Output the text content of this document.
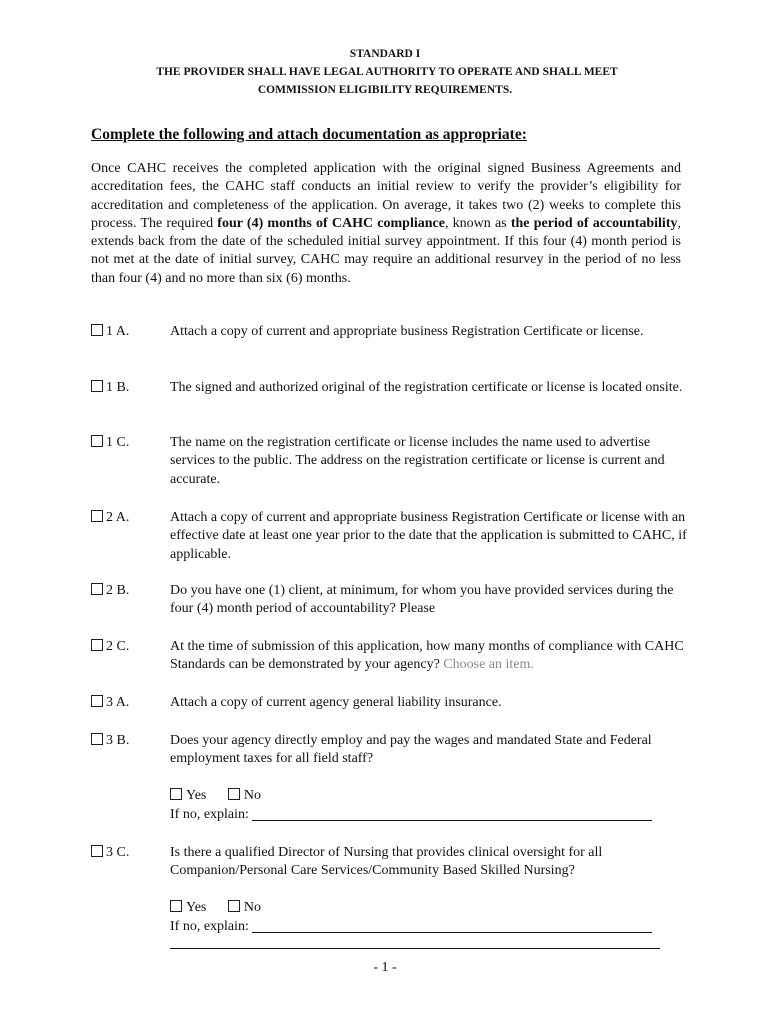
STANDARD I
THE PROVIDER SHALL HAVE LEGAL AUTHORITY TO OPERATE AND SHALL MEET
COMMISSION ELIGIBILITY REQUIREMENTS.
Complete the following and attach documentation as appropriate:
Once CAHC receives the completed application with the original signed Business Agreements and accreditation fees, the CAHC staff conducts an initial review to verify the provider’s eligibility for accreditation and completeness of the application. On average, it takes two (2) weeks to complete this process. The required four (4) months of CAHC compliance, known as the period of accountability, extends back from the date of the scheduled initial survey appointment. If this four (4) month period is not met at the date of initial survey, CAHC may require an additional resurvey in the period of no less than four (4) and no more than six (6) months.
1 A.	Attach a copy of current and appropriate business Registration Certificate or license.
1 B.	The signed and authorized original of the registration certificate or license is located onsite.
1 C.	The name on the registration certificate or license includes the name used to advertise services to the public. The address on the registration certificate or license is current and accurate.
2 A.	Attach a copy of current and appropriate business Registration Certificate or license with an effective date at least one year prior to the date that the application is submitted to CAHC, if applicable.
2 B.	Do you have one (1) client, at minimum, for whom you have provided services during the four (4) month period of accountability? Please
2 C.	At the time of submission of this application, how many months of compliance with CAHC Standards can be demonstrated by your agency? Choose an item.
3 A.	Attach a copy of current agency general liability insurance.
3 B.	Does your agency directly employ and pay the wages and mandated State and Federal employment taxes for all field staff?
Yes	No
If no, explain:
3 C.	Is there a qualified Director of Nursing that provides clinical oversight for all Companion/Personal Care Services/Community Based Skilled Nursing?
Yes	No
If no, explain:
- 1 -
